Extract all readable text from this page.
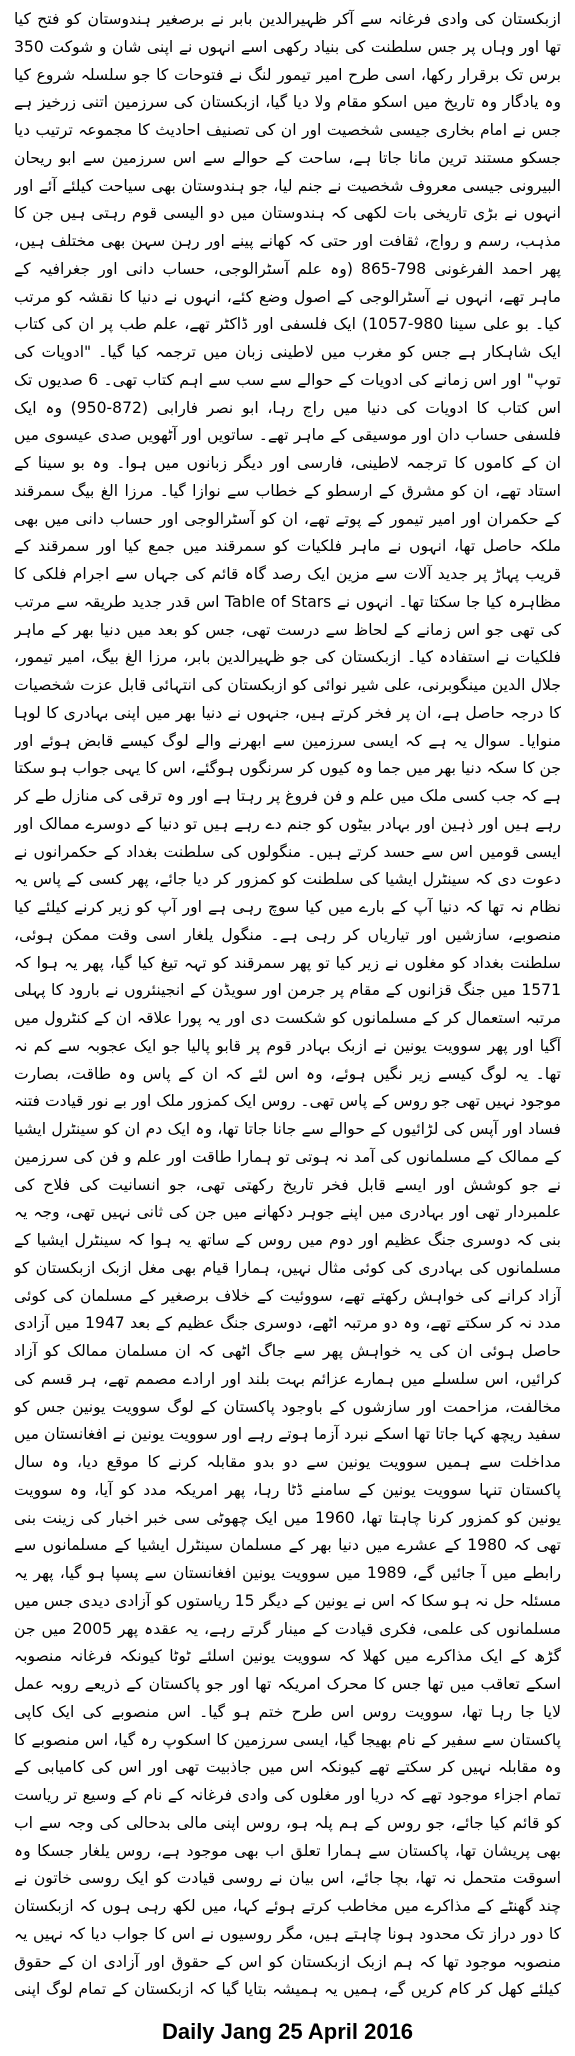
ازبکستان کی وادی فرغانہ سے آکر ظہیرالدین بابر نے برصغیر ہندوستان کو فتح کیا تھا اور وہاں پر جس سلطنت کی بنیاد رکھی اسے انہوں نے اپنی شان و شوکت 350 برس تک برقرار رکھا، اسی طرح امیر تیمور لنگ نے فتوحات کا جو سلسلہ شروع کیا وہ یادگار وہ تاریخ میں اسکو مقام ولا دیا گیا، ازبکستان کی سرزمین اتنی زرخیز ہے جس نے امام بخاری جیسی شخصیت اور ان کی تصنیف احادیث کا مجموعہ ترتیب دیا جسکو مستند ترین مانا جاتا ہے، ساحت کے حوالے سے اس سرزمین سے ابو ریحان البیرونی جیسی معروف شخصیت نے جنم لیا، جو ہندوستان بھی سیاحت کیلئے آئے اور انہوں نے بڑی تاریخی بات لکھی کہ ہندوستان میں دو الیسی قوم رہتی ہیں جن کا مذہب، رسم و رواج، ثقافت اور حتی کہ کھانے پینے اور رہن سہن بھی مختلف ہیں، پھر احمد الفرغونی 798-865 (وہ علم آسٹرالوجی، حساب دانی اور جغرافیہ کے ماہر تھے، انہوں نے آسٹرالوجی کے اصول وضع کئے، انہوں نے دنیا کا نقشہ کو مرتب کیا۔ بو علی سینا 980-1057) ایک فلسفی اور ڈاکٹر تھے، علم طب پر ان کی کتاب ایک شاہکار ہے جس کو مغرب میں لاطینی زبان میں ترجمہ کیا گیا۔ "ادویات کی توپ" اور اس زمانے کی ادویات کے حوالے سے سب سے اہم کتاب تھی۔ 6 صدیوں تک اس کتاب کا ادویات کی دنیا میں راج رہا، ابو نصر فارابی (872-950) وہ ایک فلسفی حساب دان اور موسیقی کے ماہر تھے۔ ساتویں اور آٹھویں صدی عیسوی میں ان کے کاموں کا ترجمہ لاطینی، فارسی اور دیگر زبانوں میں ہوا۔ وہ بو سینا کے استاد تھے، ان کو مشرق کے ارسطو کے خطاب سے نوازا گیا۔ مرزا الغ بیگ سمرقند کے حکمران اور امیر تیمور کے پوتے تھے، ان کو آسٹرالوجی اور حساب دانی میں بھی ملکہ حاصل تھا، انہوں نے ماہر فلکیات کو سمرقند میں جمع کیا اور سمرقند کے قریب پہاڑ پر جدید آلات سے مزین ایک رصد گاہ قائم کی جہاں سے اجرام فلکی کا مظاہرہ کیا جا سکتا تھا۔ انہوں نے Table of Stars اس قدر جدید طریقہ سے مرتب کی تھی جو اس زمانے کے لحاظ سے درست تھی، جس کو بعد میں دنیا بھر کے ماہر فلکیات نے استفادہ کیا۔ ازبکستان کی جو ظہیرالدین بابر، مرزا الغ بیگ، امیر تیمور، جلال الدین مینگوبرنی، علی شیر نوائی کو ازبکستان کی انتہائی قابل عزت شخصیات کا درجہ حاصل ہے، ان پر فخر کرتے ہیں، جنہوں نے دنیا بھر میں اپنی بہادری کا لوہا منوایا۔ سوال یہ ہے کہ ایسی سرزمین سے ابھرنے والے لوگ کیسے قابض ہوئے اور جن کا سکہ دنیا بھر میں جما وہ کیوں کر سرنگوں ہوگئے، اس کا یہی جواب ہو سکتا ہے کہ جب کسی ملک میں علم و فن فروغ پر رہتا ہے اور وہ ترقی کی منازل طے کر رہے ہیں اور ذہین اور بہادر بیٹوں کو جنم دے رہے ہیں تو دنیا کے دوسرے ممالک اور ایسی قومیں اس سے حسد کرتے ہیں۔ منگولوں کی سلطنت بغداد کے حکمرانوں نے دعوت دی کہ سینٹرل ایشیا کی سلطنت کو کمزور کر دیا جائے، پھر کسی کے پاس یہ نظام نہ تھا کہ دنیا آپ کے بارے میں کیا سوچ رہی ہے اور آپ کو زیر کرنے کیلئے کیا منصوبے، سازشیں اور تیاریاں کر رہی ہے۔ منگول یلغار اسی وقت ممکن ہوئی، سلطنت بغداد کو مغلوں نے زیر کیا تو پھر سمرقند کو تہہ تیغ کیا گیا، پھر یہ ہوا کہ 1571 میں جنگ قزانوں کے مقام پر جرمن اور سویڈن کے انجینئروں نے بارود کا پہلی مرتبہ استعمال کر کے مسلمانوں کو شکست دی اور یہ پورا علاقہ ان کے کنٹرول میں آگیا اور پھر سوویت یونین نے ازبک بہادر قوم پر قابو پالیا جو ایک عجوبہ سے کم نہ تھا۔ یہ لوگ کیسے زیر نگیں ہوئے، وہ اس لئے کہ ان کے پاس وہ طاقت، بصارت موجود نہیں تھی جو روس کے پاس تھی۔ روس ایک کمزور ملک اور بے نور قیادت فتنہ فساد اور آپس کی لڑائیوں کے حوالے سے جانا جاتا تھا، وہ ایک دم ان کو سینٹرل ایشیا کے ممالک کے مسلمانوں کی آمد نہ ہوتی تو ہمارا طاقت اور علم و فن کی سرزمین نے جو کوشش اور ایسے قابل فخر تاریخ رکھتی تھی، جو انسانیت کی فلاح کی علمبردار تھی اور بہادری میں اپنے جوہر دکھانے میں جن کی ثانی نہیں تھی، وجہ یہ بنی کہ دوسری جنگ عظیم اور دوم میں روس کے ساتھ یہ ہوا کہ سینٹرل ایشیا کے مسلمانوں کی بہادری کی کوئی مثال نہیں، ہمارا قیام بھی مغل ازبک ازبکستان کو آزاد کرانے کی خواہش رکھتے تھے، سووئیت کے خلاف برصغیر کے مسلمان کی کوئی مدد نہ کر سکتے تھے، وہ دو مرتبہ اٹھے، دوسری جنگ عظیم کے بعد 1947 میں آزادی حاصل ہوئی ان کی یہ خواہش پھر سے جاگ اٹھی کہ ان مسلمان ممالک کو آزاد کرائیں، اس سلسلے میں ہمارے عزائم بہت بلند اور ارادے مصمم تھے، ہر قسم کی مخالفت، مزاحمت اور سازشوں کے باوجود پاکستان کے لوگ سوویت یونین جس کو سفید ریچھ کہا جاتا تھا اسکے نبرد آزما ہوتے رہے اور سوویت یونین نے افغانستان میں مداخلت سے ہمیں سوویت یونین سے دو بدو مقابلہ کرنے کا موقع دیا، وہ سال پاکستان تنہا سوویت یونین کے سامنے ڈٹا رہا، پھر امریکہ مدد کو آیا، وہ سوویت یونین کو کمزور کرنا چاہتا تھا، 1960 میں ایک چھوٹی سی خبر اخبار کی زینت بنی تھی کہ 1980 کے عشرے میں دنیا بھر کے مسلمان سینٹرل ایشیا کے مسلمانوں سے رابطے میں آ جائیں گے، 1989 میں سوویت یونین افغانستان سے پسپا ہو گیا، پھر یہ مسئلہ حل نہ ہو سکا کہ اس نے یونین کے دیگر 15 ریاستوں کو آزادی دیدی جس میں مسلمانوں کی علمی، فکری قیادت کے مینار گرتے رہے، یہ عقدہ پھر 2005 میں جن گڑھ کے ایک مذاکرے میں کھلا کہ سوویت یونین اسلئے ٹوٹا کیونکہ فرغانہ منصوبہ اسکے تعاقب میں تھا جس کا محرک امریکہ تھا اور جو پاکستان کے ذریعے روبہ عمل لایا جا رہا تھا، سوویت روس اس طرح ختم ہو گیا۔ اس منصوبے کی ایک کاپی پاکستان سے سفیر کے نام بھیجا گیا، ایسی سرزمین کا اسکوپ رہ گیا، اس منصوبے کا وہ مقابلہ نہیں کر سکتے تھے کیونکہ اس میں جاذبیت تھی اور اس کی کامیابی کے تمام اجزاء موجود تھے کہ دریا اور مغلوں کی وادی فرغانہ کے نام کے وسیع تر ریاست کو قائم کیا جائے، جو روس کے ہم پلہ ہو، روس اپنی مالی بدحالی کی وجہ سے اب بھی پریشان تھا، پاکستان سے ہمارا تعلق اب بھی موجود ہے، روس یلغار جسکا وہ اسوقت متحمل نہ تھا، بچا جائے، اس بیان نے روسی قیادت کو ایک روسی خاتون نے چند گھنٹے کے مذاکرے میں مخاطب کرتے ہوئے کہا، میں لکھ رہی ہوں کہ ازبکستان کا دور دراز تک محدود ہونا چاہتے ہیں، مگر روسیوں نے اس کا جواب دیا کہ نہیں یہ منصوبہ موجود تھا کہ ہم ازبک ازبکستان کو اس کے حقوق اور آزادی ان کے حقوق کیلئے کھل کر کام کریں گے، ہمیں یہ ہمیشہ بتایا گیا کہ ازبکستان کے تمام لوگ اپنی

Daily Jang 25 April 2016
